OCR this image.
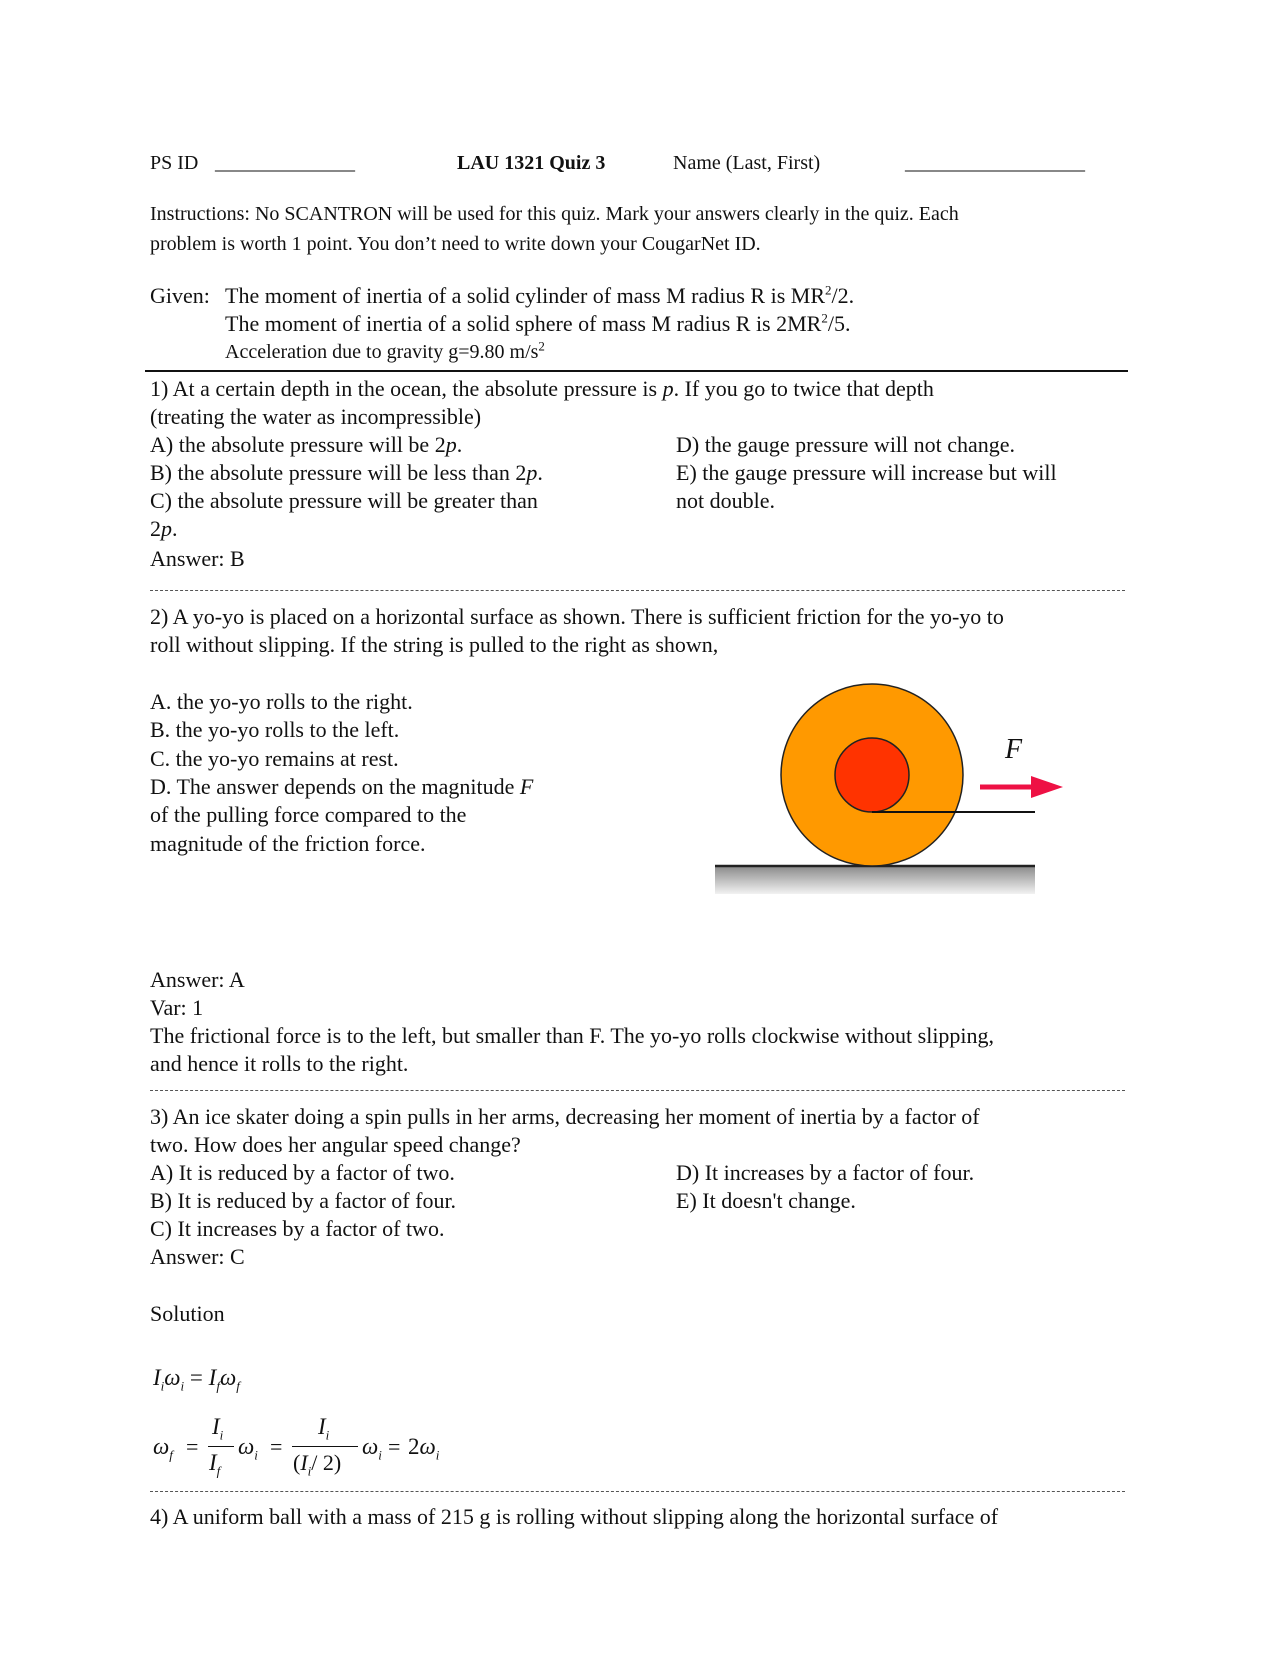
PS ID ______________	LAU 1321 Quiz 3	Name (Last, First)	__________________
Instructions: No SCANTRON will be used for this quiz. Mark your answers clearly in the quiz. Each
problem is worth 1 point. You don’t need to write down your CougarNet ID.
Given: The moment of inertia of a solid cylinder of mass M radius R is $MR^2/2$.
The moment of inertia of a solid sphere of mass M radius R is $2MR^2/5$.
Acceleration due to gravity g=9.80 $m/s^2$
1) At a certain depth in the ocean, the absolute pressure is p. If you go to twice that depth
(treating the water as incompressible)
A) the absolute pressure will be 2p.
B) the absolute pressure will be less than 2p.
C) the absolute pressure will be greater than
2p.
D) the gauge pressure will not change.
E) the gauge pressure will increase but will
not double.
Answer: B
2) A yo-yo is placed on a horizontal surface as shown. There is sufficient friction for the yo-yo to
roll without slipping. If the string is pulled to the right as shown,
A. the yo-yo rolls to the right.
B. the yo-yo rolls to the left.
C. the yo-yo remains at rest.
D. The answer depends on the magnitude F
of the pulling force compared to the
magnitude of the friction force.
F
Answer: A
Var: 1
The frictional force is to the left, but smaller than F. The yo-yo rolls clockwise without slipping,
and hence it rolls to the right.
3) An ice skater doing a spin pulls in her arms, decreasing her moment of inertia by a factor of
two. How does her angular speed change?
A) It is reduced by a factor of two.
B) It is reduced by a factor of four.
C) It increases by a factor of two.
D) It increases by a factor of four.
E) It doesn't change.
Answer: C
Solution
$I_i\omega_i = I_f\omega_f$
$\omega_f$ =
$I_i$
$I_f$
$\omega_i$ =
$I_i$
($I_i/$ 2)
$\omega_i = 2\omega_i$
4) A uniform ball with a mass of 215 g is rolling without slipping along the horizontal surface of
